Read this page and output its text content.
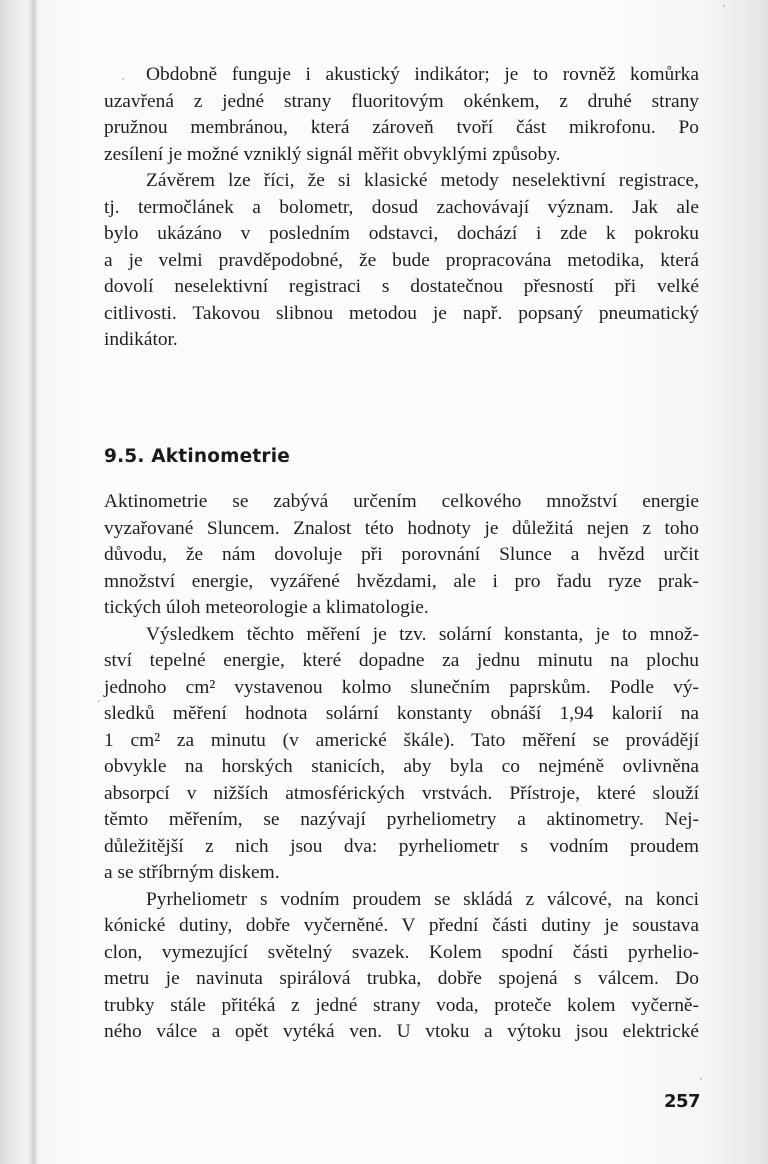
Obdobně funguje i akustický indikátor; je to rovněž komůrka
uzavřená z jedné strany fluoritovým okénkem, z druhé strany
pružnou membránou, která zároveň tvoří část mikrofonu. Po
zesílení je možné vzniklý signál měřit obvyklými způsoby.
Závěrem lze říci, že si klasické metody neselektivní registrace,
tj. termočlánek a bolometr, dosud zachovávají význam. Jak ale
bylo ukázáno v posledním odstavci, dochází i zde k pokroku
a je velmi pravděpodobné, že bude propracována metodika, která
dovolí neselektivní registraci s dostatečnou přesností při velké
citlivosti. Takovou slibnou metodou je např. popsaný pneumatický
indikátor.
9.5. Aktinometrie
Aktinometrie se zabývá určením celkového množství energie
vyzařované Sluncem. Znalost této hodnoty je důležitá nejen z toho
důvodu, že nám dovoluje při porovnání Slunce a hvězd určit
množství energie, vyzářené hvězdami, ale i pro řadu ryze prak-
tických úloh meteorologie a klimatologie.
Výsledkem těchto měření je tzv. solární konstanta, je to množ-
ství tepelné energie, které dopadne za jednu minutu na plochu
jednoho cm² vystavenou kolmo slunečním paprskům. Podle vý-
sledků měření hodnota solární konstanty obnáší 1,94 kalorií na
1 cm² za minutu (v americké škále). Tato měření se provádějí
obvykle na horských stanicích, aby byla co nejméně ovlivněna
absorpcí v nižších atmosférických vrstvách. Přístroje, které slouží
těmto měřením, se nazývají pyrheliometry a aktinometry. Nej-
důležitější z nich jsou dva: pyrheliometr s vodním proudem
a se stříbrným diskem.
Pyrheliometr s vodním proudem se skládá z válcové, na konci
kónické dutiny, dobře vyčerněné. V přední části dutiny je soustava
clon, vymezující světelný svazek. Kolem spodní části pyrhelio-
metru je navinuta spirálová trubka, dobře spojená s válcem. Do
trubky stále přitéká z jedné strany voda, proteče kolem vyčerně-
ného válce a opět vytéká ven. U vtoku a výtoku jsou elektrické
257
